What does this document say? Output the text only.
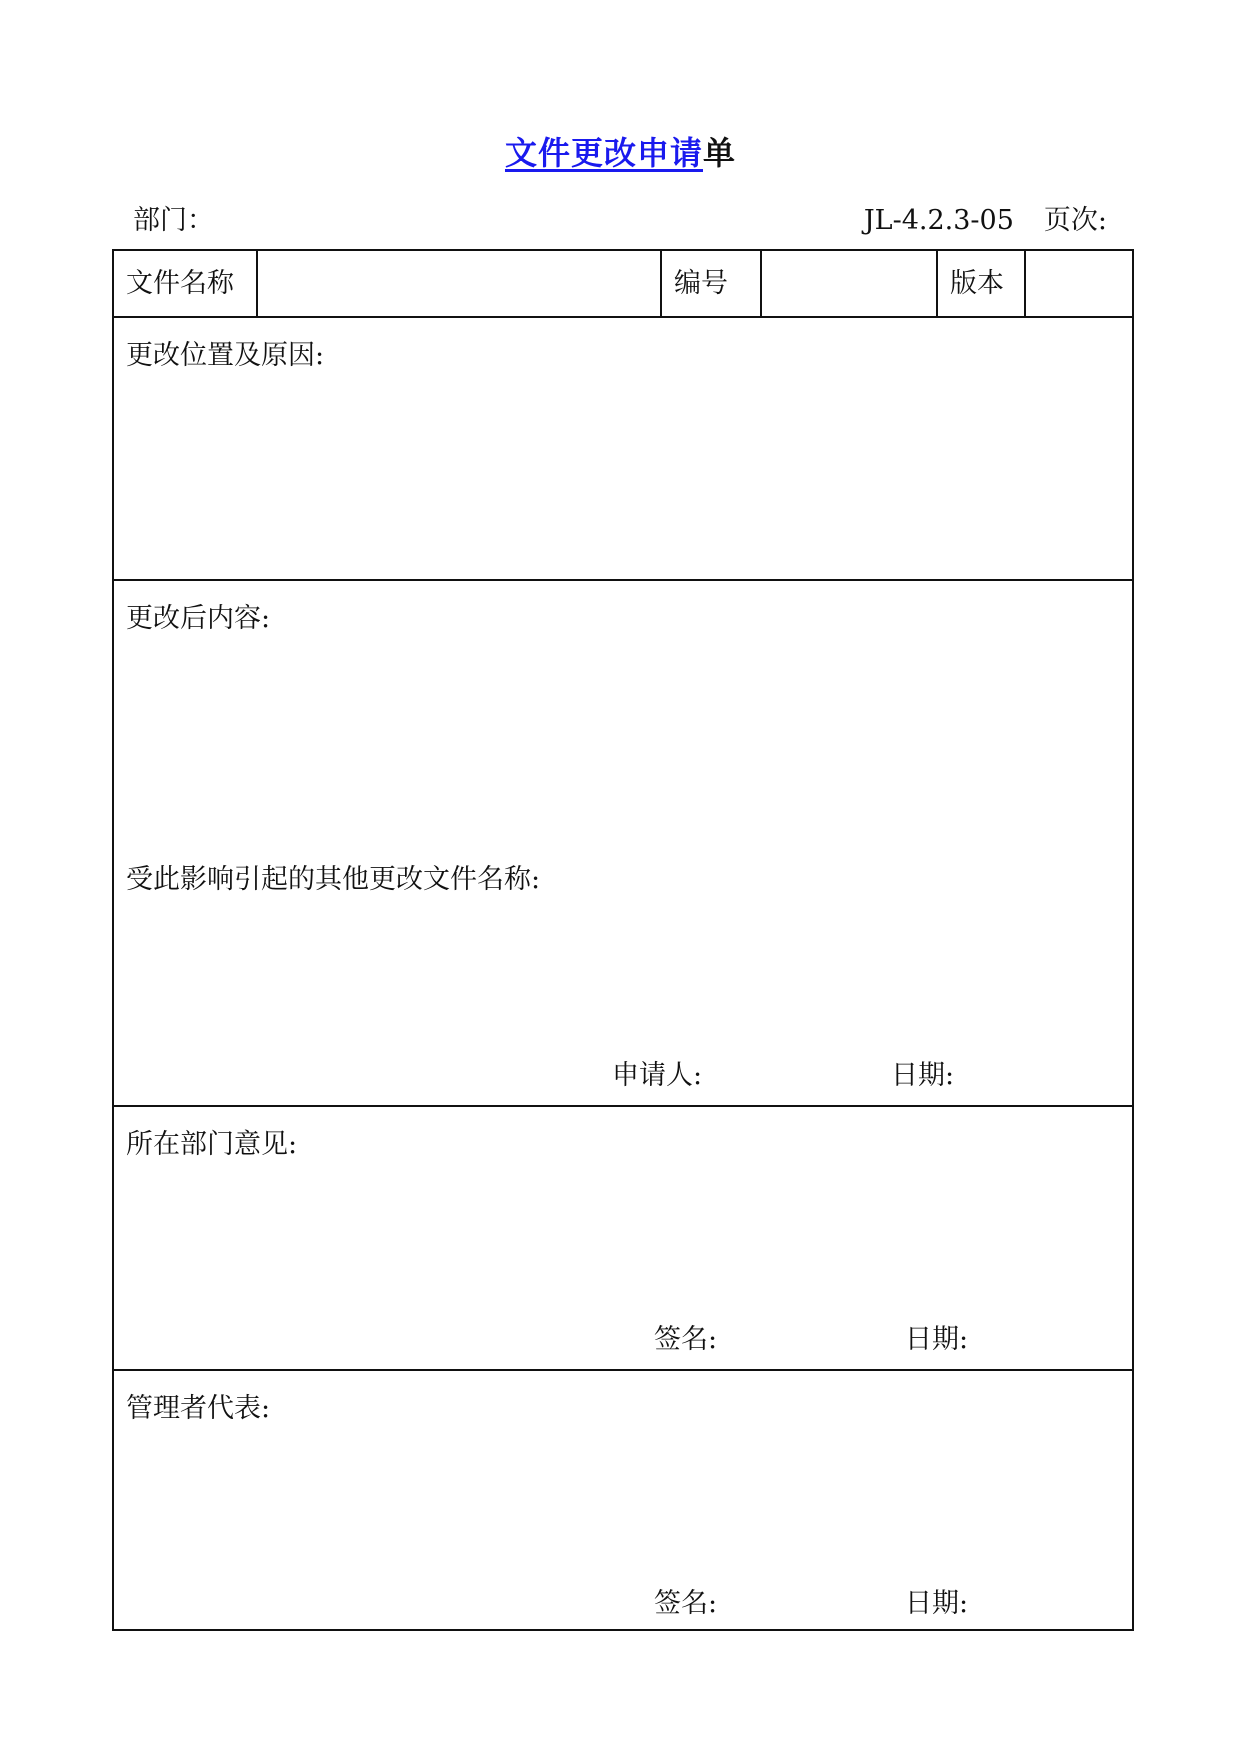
文件更改申请单
部门：	JL-4.2.3-05 页次:
文件名称	编号	版本
更改位置及原因:
更改后内容:
受此影响引起的其他更改文件名称:
申请人:	日期:
所在部门意见:
签名:	日期:
管理者代表:
签名:	日期:
